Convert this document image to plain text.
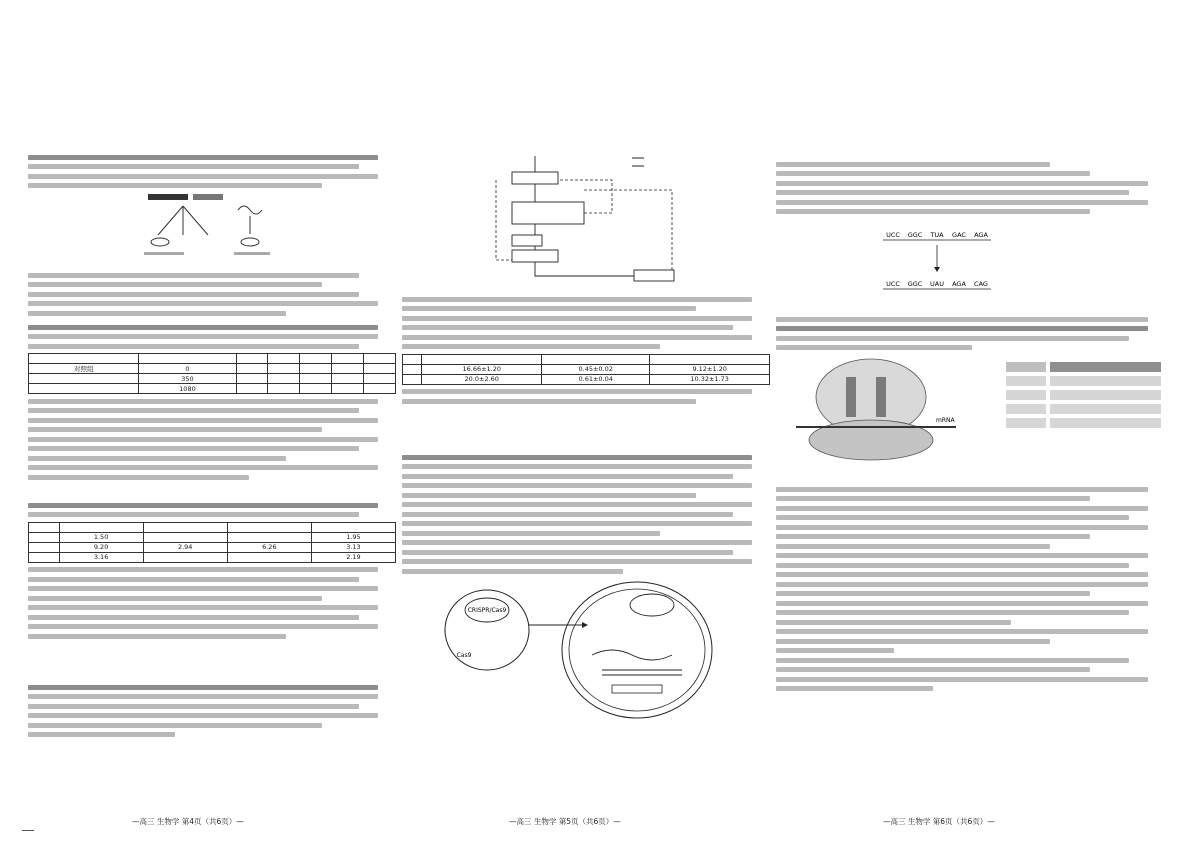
对照组	0					
	350					
	1080					

	1.50			1.95
	9.20	2.94	6.26	3.13
	3.16			2.19

	16.66±1.20	0.45±0.02	9.12±1.20
	20.0±2.60	0.61±0.04	10.32±1.73
CRISPR/Cas9
Cas9
UCC GGC TUA GAC AGA
UCC GGC UAU AGA CAG
mRNA
—高三 生物学 第4页（共6页）—	—高三 生物学 第5页（共6页）—	—高三 生物学 第6页（共6页）—
